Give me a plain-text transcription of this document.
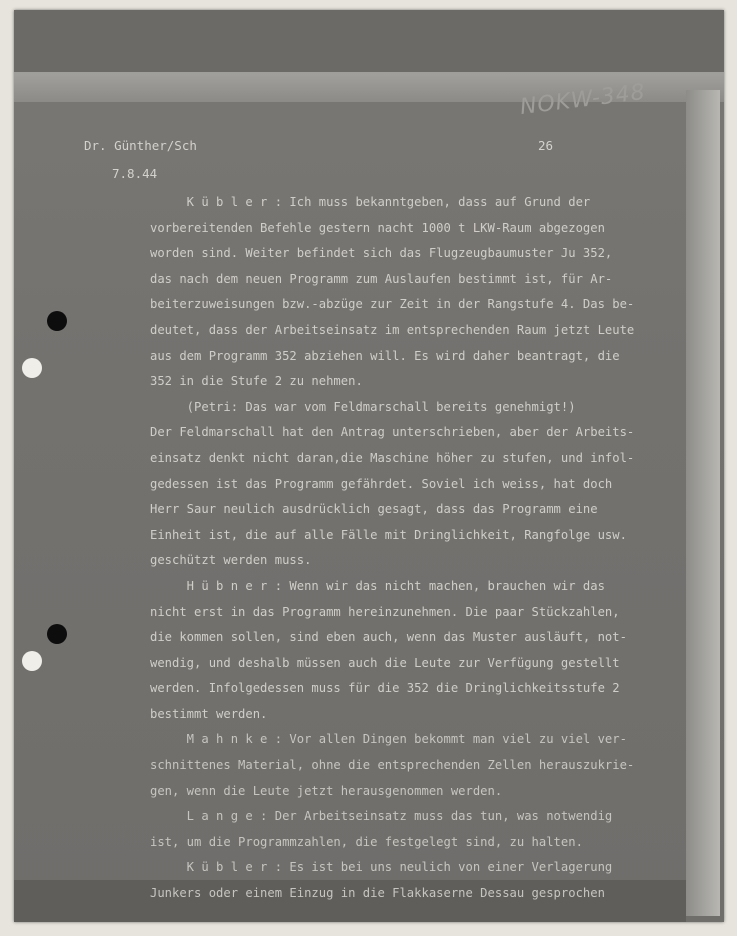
NOKW-348
Dr. Günther/Sch
7.8.44
26
K ü b l e r : Ich muss bekanntgeben, dass auf Grund der
vorbereitenden Befehle gestern nacht 1000 t LKW-Raum abgezogen
worden sind. Weiter befindet sich das Flugzeugbaumuster Ju 352,
das nach dem neuen Programm zum Auslaufen bestimmt ist, für Ar-
beiterzuweisungen bzw.-abzüge zur Zeit in der Rangstufe 4. Das be-
deutet, dass der Arbeitseinsatz im entsprechenden Raum jetzt Leute
aus dem Programm 352 abziehen will. Es wird daher beantragt, die
352 in die Stufe 2 zu nehmen.
(Petri: Das war vom Feldmarschall bereits genehmigt!)
Der Feldmarschall hat den Antrag unterschrieben, aber der Arbeits-
einsatz denkt nicht daran,die Maschine höher zu stufen, und infol-
gedessen ist das Programm gefährdet. Soviel ich weiss, hat doch
Herr Saur neulich ausdrücklich gesagt, dass das Programm eine
Einheit ist, die auf alle Fälle mit Dringlichkeit, Rangfolge usw.
geschützt werden muss.
H ü b n e r : Wenn wir das nicht machen, brauchen wir das
nicht erst in das Programm hereinzunehmen. Die paar Stückzahlen,
die kommen sollen, sind eben auch, wenn das Muster ausläuft, not-
wendig, und deshalb müssen auch die Leute zur Verfügung gestellt
werden. Infolgedessen muss für die 352 die Dringlichkeitsstufe 2
bestimmt werden.
M a h n k e : Vor allen Dingen bekommt man viel zu viel ver-
schnittenes Material, ohne die entsprechenden Zellen herauszukrie-
gen, wenn die Leute jetzt herausgenommen werden.
L a n g e : Der Arbeitseinsatz muss das tun, was notwendig
ist, um die Programmzahlen, die festgelegt sind, zu halten.
K ü b l e r : Es ist bei uns neulich von einer Verlagerung
Junkers oder einem Einzug in die Flakkaserne Dessau gesprochen
